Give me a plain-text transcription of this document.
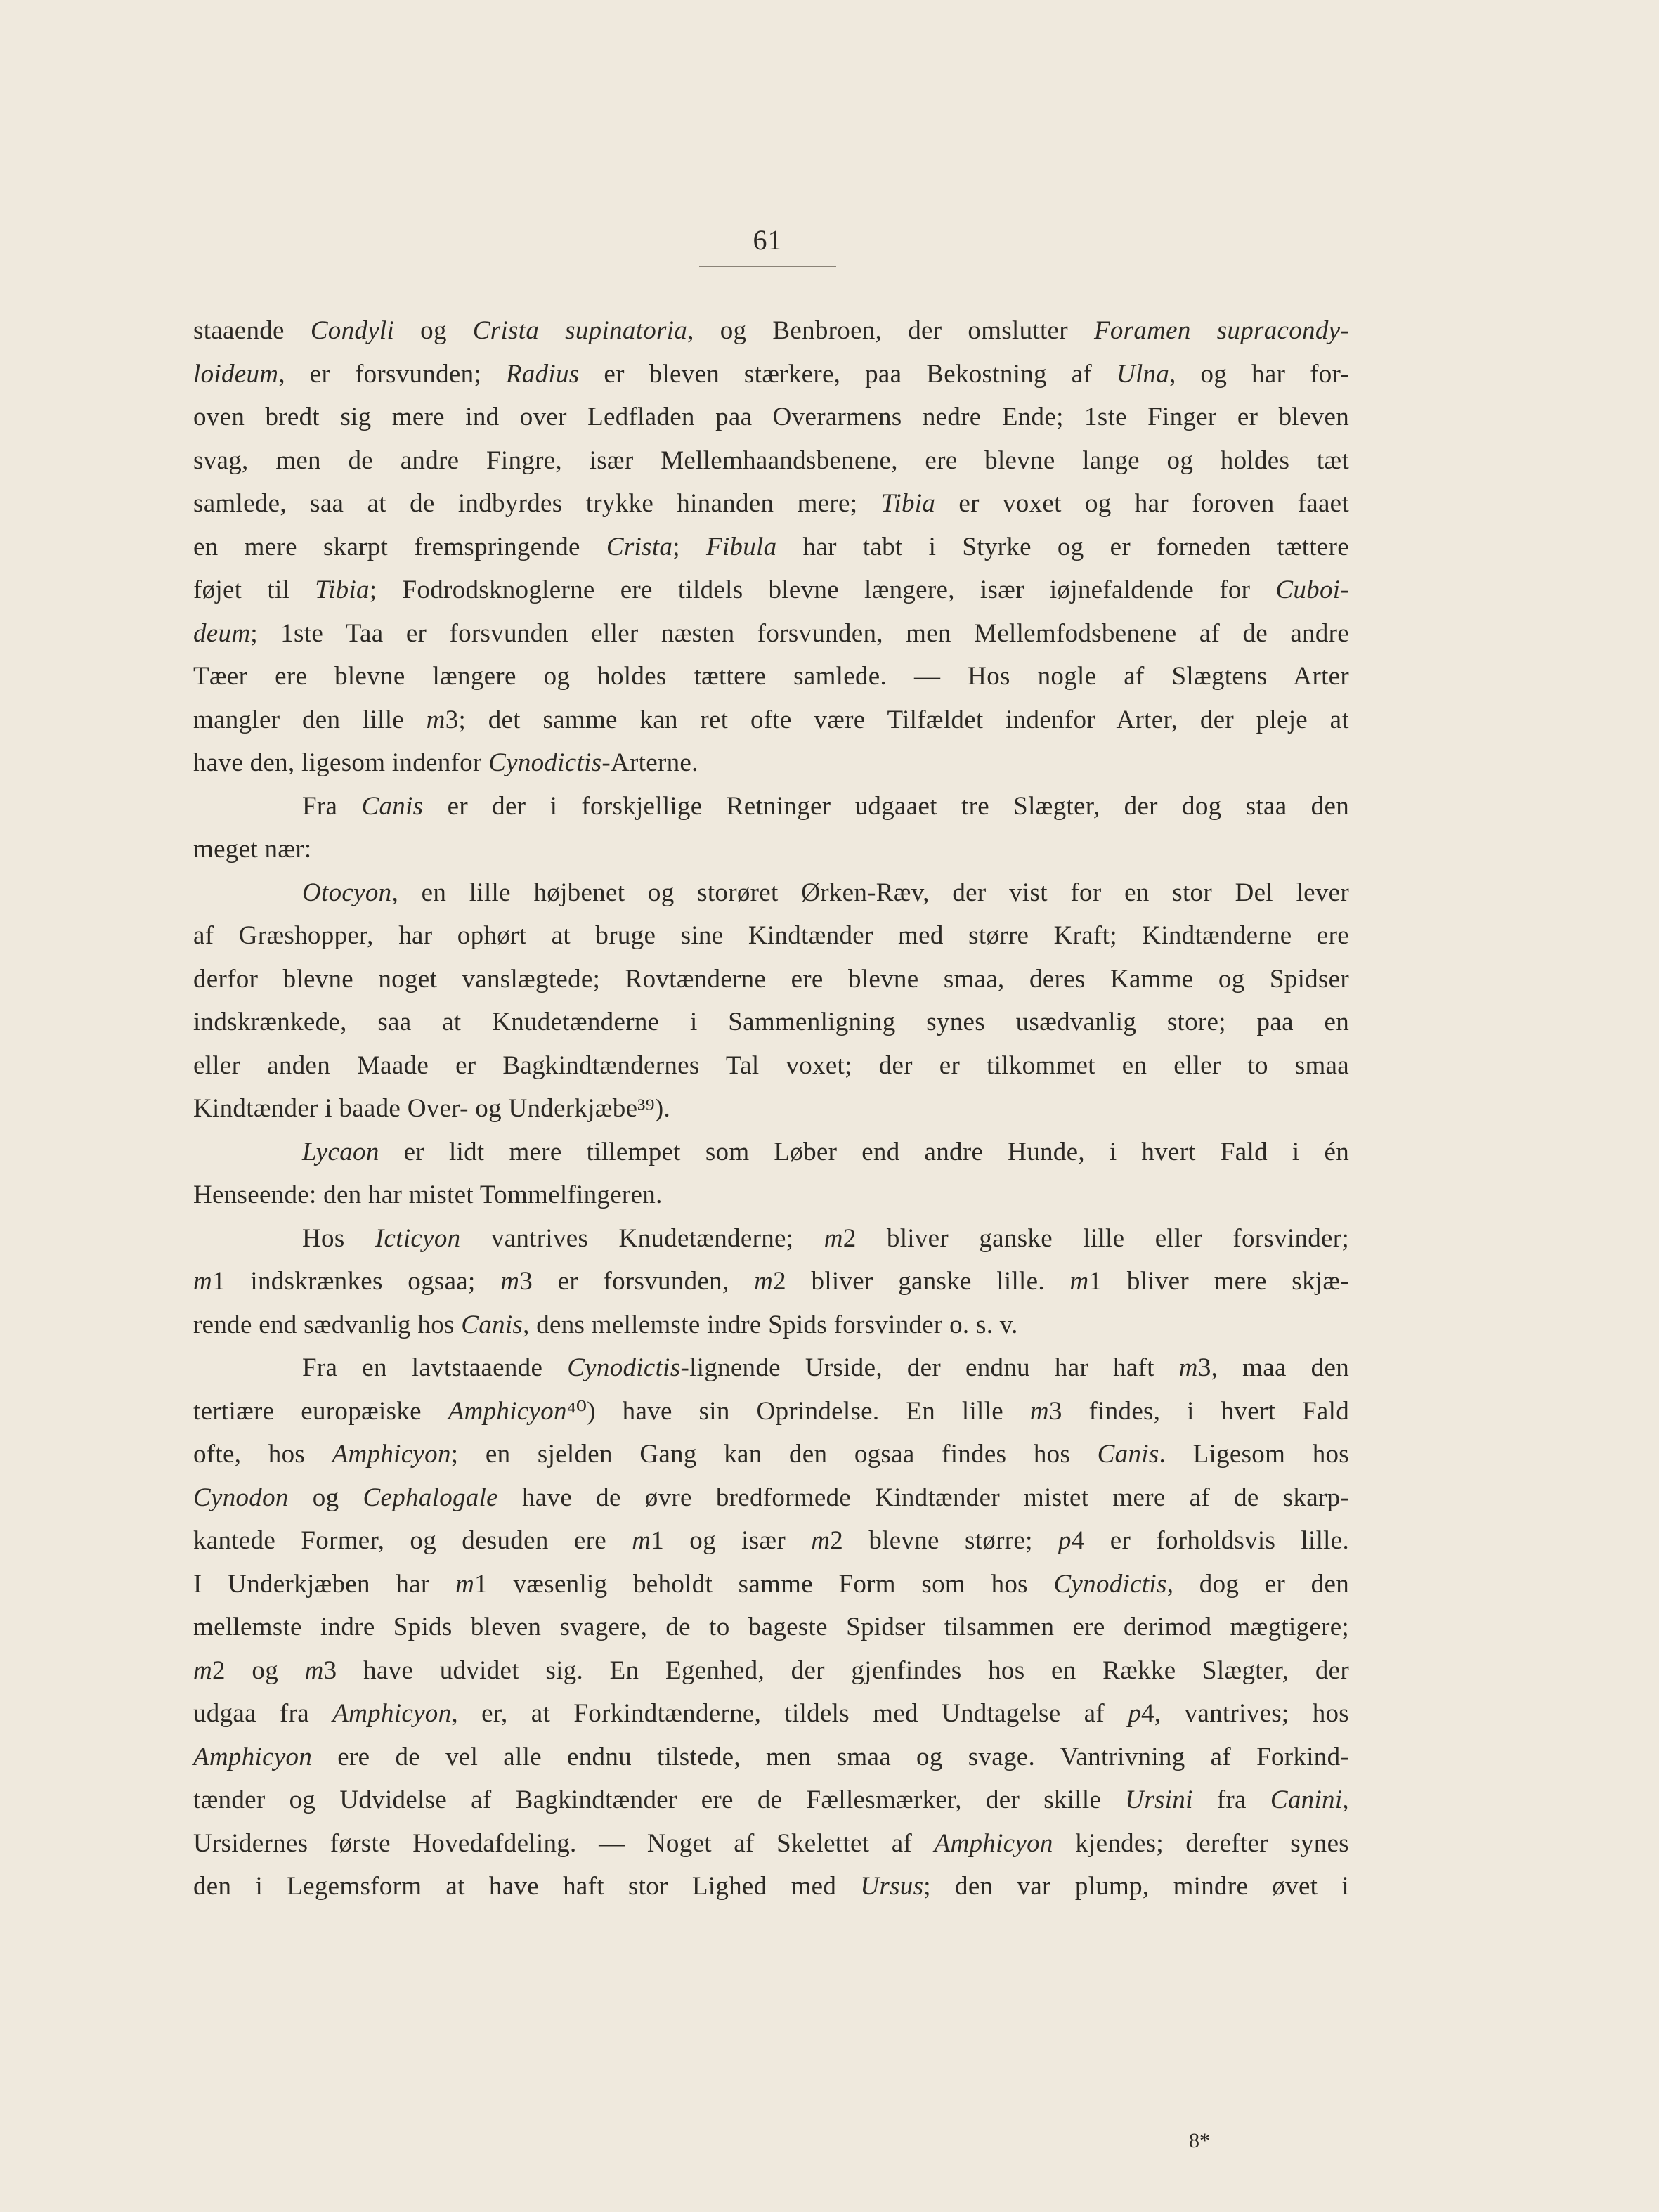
61
staaende Condyli og Crista supinatoria, og Benbroen, der omslutter Foramen supracondy-
loideum, er forsvunden; Radius er bleven stærkere, paa Bekostning af Ulna, og har for-
oven bredt sig mere ind over Ledfladen paa Overarmens nedre Ende; 1ste Finger er bleven
svag, men de andre Fingre, især Mellemhaandsbenene, ere blevne lange og holdes tæt
samlede, saa at de indbyrdes trykke hinanden mere; Tibia er voxet og har foroven faaet
en mere skarpt fremspringende Crista; Fibula har tabt i Styrke og er forneden tættere
føjet til Tibia; Fodrodsknoglerne ere tildels blevne længere, især iøjnefaldende for Cuboi-
deum; 1ste Taa er forsvunden eller næsten forsvunden, men Mellemfodsbenene af de andre
Tæer ere blevne længere og holdes tættere samlede. — Hos nogle af Slægtens Arter
mangler den lille m3; det samme kan ret ofte være Tilfældet indenfor Arter, der pleje at
have den, ligesom indenfor Cynodictis-Arterne.
Fra Canis er der i forskjellige Retninger udgaaet tre Slægter, der dog staa den
meget nær:
Otocyon, en lille højbenet og storøret Ørken-Ræv, der vist for en stor Del lever
af Græshopper, har ophørt at bruge sine Kindtænder med større Kraft; Kindtænderne ere
derfor blevne noget vanslægtede; Rovtænderne ere blevne smaa, deres Kamme og Spidser
indskrænkede, saa at Knudetænderne i Sammenligning synes usædvanlig store; paa en
eller anden Maade er Bagkindtændernes Tal voxet; der er tilkommet en eller to smaa
Kindtænder i baade Over- og Underkjæbe³⁹).
Lycaon er lidt mere tillempet som Løber end andre Hunde, i hvert Fald i én
Henseende: den har mistet Tommelfingeren.
Hos Icticyon vantrives Knudetænderne; m2 bliver ganske lille eller forsvinder;
m1 indskrænkes ogsaa; m3 er forsvunden, m2 bliver ganske lille. m1 bliver mere skjæ-
rende end sædvanlig hos Canis, dens mellemste indre Spids forsvinder o. s. v.
Fra en lavtstaaende Cynodictis-lignende Urside, der endnu har haft m3, maa den
tertiære europæiske Amphicyon⁴⁰) have sin Oprindelse. En lille m3 findes, i hvert Fald
ofte, hos Amphicyon; en sjelden Gang kan den ogsaa findes hos Canis. Ligesom hos
Cynodon og Cephalogale have de øvre bredformede Kindtænder mistet mere af de skarp-
kantede Former, og desuden ere m1 og især m2 blevne større; p4 er forholdsvis lille.
I Underkjæben har m1 væsenlig beholdt samme Form som hos Cynodictis, dog er den
mellemste indre Spids bleven svagere, de to bageste Spidser tilsammen ere derimod mægtigere;
m2 og m3 have udvidet sig. En Egenhed, der gjenfindes hos en Række Slægter, der
udgaa fra Amphicyon, er, at Forkindtænderne, tildels med Undtagelse af p4, vantrives; hos
Amphicyon ere de vel alle endnu tilstede, men smaa og svage. Vantrivning af Forkind-
tænder og Udvidelse af Bagkindtænder ere de Fællesmærker, der skille Ursini fra Canini,
Ursidernes første Hovedafdeling. — Noget af Skelettet af Amphicyon kjendes; derefter synes
den i Legemsform at have haft stor Lighed med Ursus; den var plump, mindre øvet i
8*
